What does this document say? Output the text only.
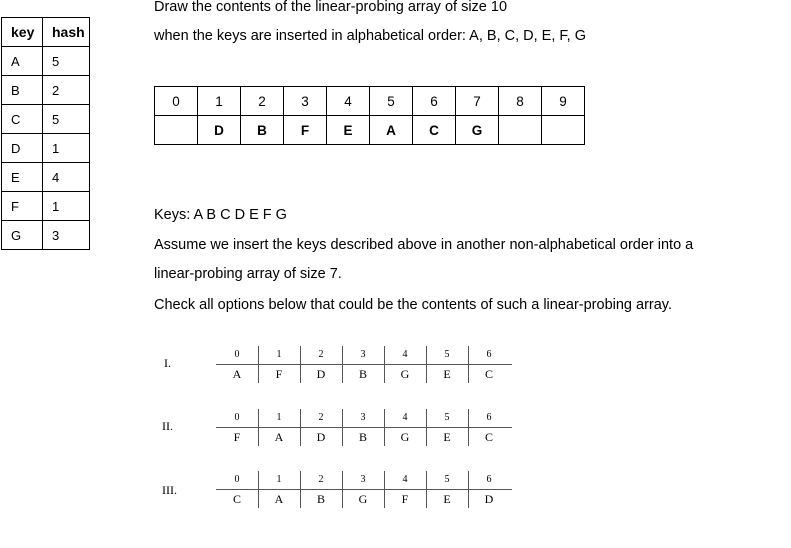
key	hash
A	5
B	2
C	5
D	1
E	4
F	1
G	3
Draw the contents of the linear-probing array of size 10
when the keys are inserted in alphabetical order: A, B, C, D, E, F, G
0	1	2	3	4	5	6	7	8	9
	D	B	F	E	A	C	G		
Keys: A B C D E F G
Assume we insert the keys described above in another non-alphabetical order into a
linear-probing array of size 7.
Check all options below that could be the contents of such a linear-probing array.
I.
0	1	2	3	4	5	6
A	F	D	B	G	E	C
II.
0	1	2	3	4	5	6
F	A	D	B	G	E	C
III.
0	1	2	3	4	5	6
C	A	B	G	F	E	D
